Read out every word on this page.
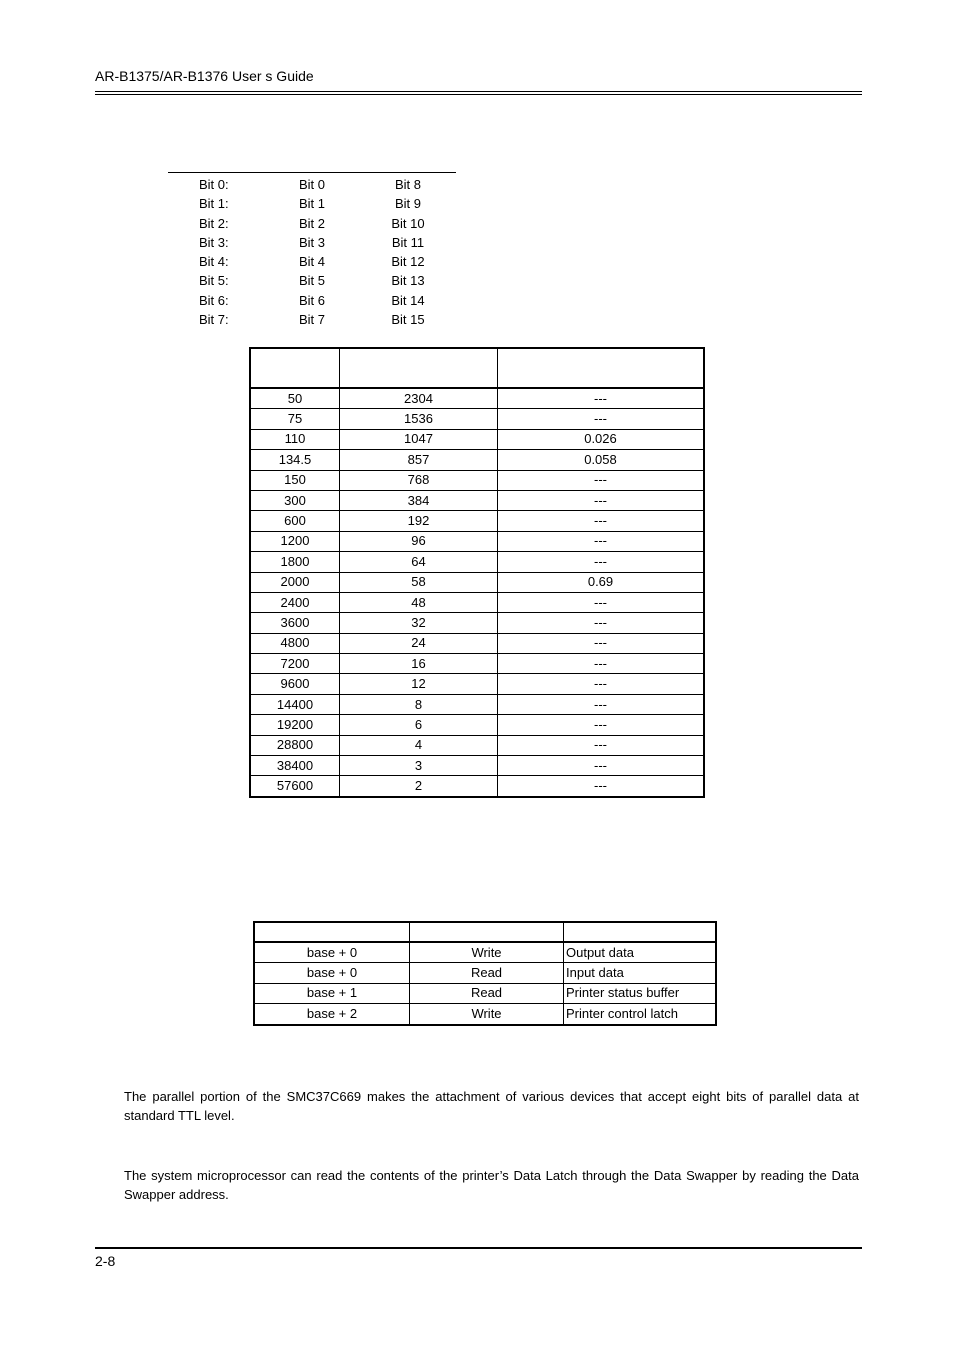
AR-B1375/AR-B1376 User s Guide
Bit 0:	Bit 0	Bit 8
Bit 1:	Bit 1	Bit 9
Bit 2:	Bit 2	Bit 10
Bit 3:	Bit 3	Bit 11
Bit 4:	Bit 4	Bit 12
Bit 5:	Bit 5	Bit 13
Bit 6:	Bit 6	Bit 14
Bit 7:	Bit 7	Bit 15

50	2304	---
75	1536	---
110	1047	0.026
134.5	857	0.058
150	768	---
300	384	---
600	192	---
1200	96	---
1800	64	---
2000	58	0.69
2400	48	---
3600	32	---
4800	24	---
7200	16	---
9600	12	---
14400	8	---
19200	6	---
28800	4	---
38400	3	---
57600	2	---

base + 0	Write	Output data
base + 0	Read	Input data
base + 1	Read	Printer status buffer
base + 2	Write	Printer control latch
The parallel portion of the SMC37C669 makes the attachment of various devices that accept eight bits of parallel data at standard TTL level.
The system microprocessor can read the contents of the printer’s Data Latch through the Data Swapper by reading the Data Swapper address.
2-8
